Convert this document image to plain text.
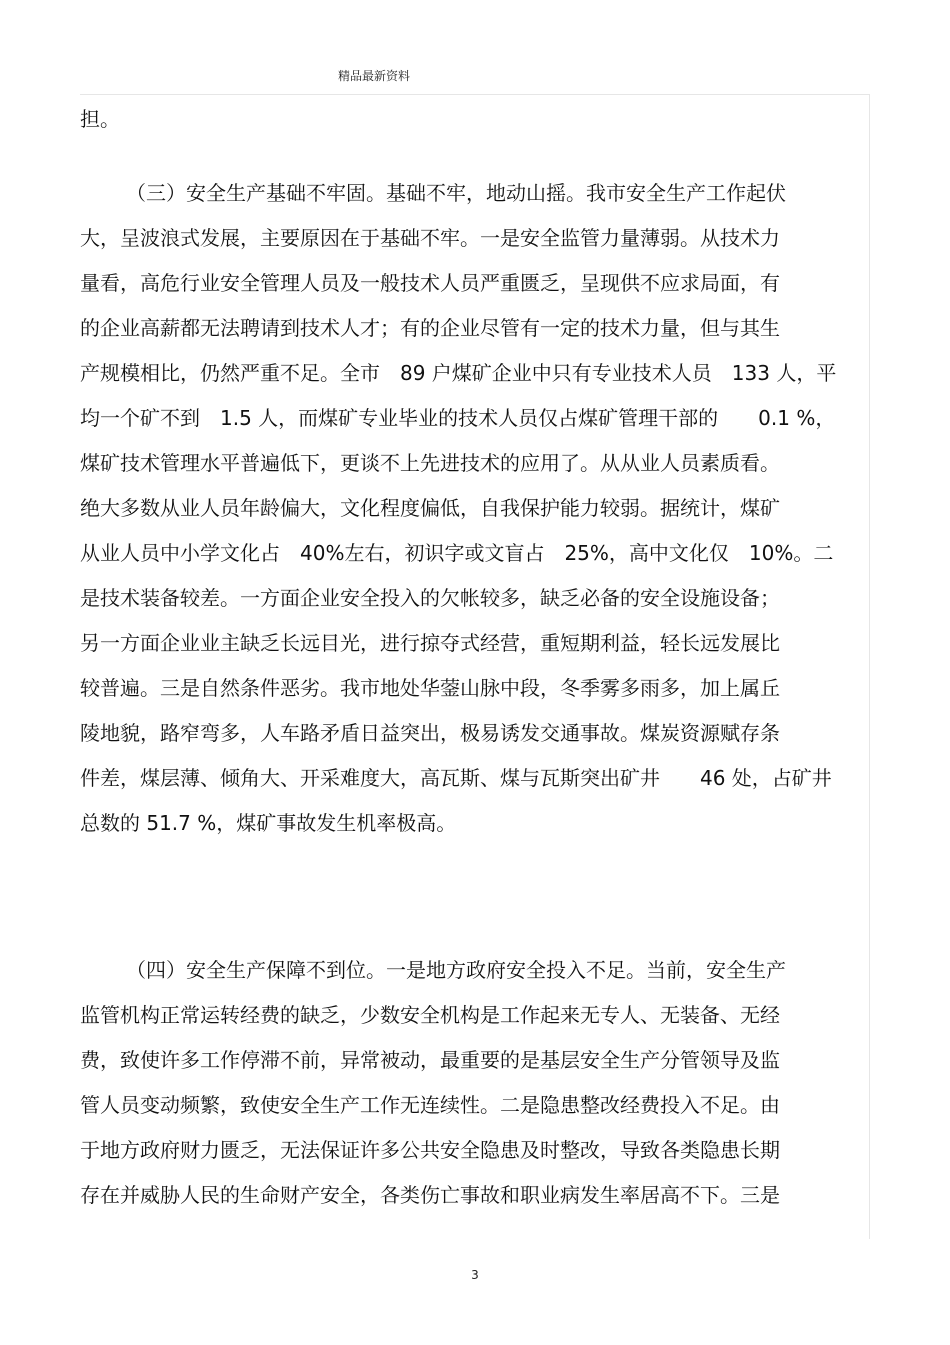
精品最新资料
担。
（三）安全生产基础不牢固。基础不牢，地动山摇。我市安全生产工作起伏
大，呈波浪式发展，主要原因在于基础不牢。一是安全监管力量薄弱。从技术力
量看，高危行业安全管理人员及一般技术人员严重匮乏，呈现供不应求局面，有
的企业高薪都无法聘请到技术人才；有的企业尽管有一定的技术力量，但与其生
产规模相比，仍然严重不足。全市　89 户煤矿企业中只有专业技术人员　133 人，平
均一个矿不到　1.5 人，而煤矿专业毕业的技术人员仅占煤矿管理干部的　　0.1 %，
煤矿技术管理水平普遍低下，更谈不上先进技术的应用了。从从业人员素质看。
绝大多数从业人员年龄偏大，文化程度偏低，自我保护能力较弱。据统计，煤矿
从业人员中小学文化占　40%左右，初识字或文盲占　25%，高中文化仅　10%。二
是技术装备较差。一方面企业安全投入的欠帐较多，缺乏必备的安全设施设备；
另一方面企业业主缺乏长远目光，进行掠夺式经营，重短期利益，轻长远发展比
较普遍。三是自然条件恶劣。我市地处华蓥山脉中段，冬季雾多雨多，加上属丘
陵地貌，路窄弯多，人车路矛盾日益突出，极易诱发交通事故。煤炭资源赋存条
件差，煤层薄、倾角大、开采难度大，高瓦斯、煤与瓦斯突出矿井　　46 处，占矿井
总数的 51.7 %，煤矿事故发生机率极高。
（四）安全生产保障不到位。一是地方政府安全投入不足。当前，安全生产
监管机构正常运转经费的缺乏，少数安全机构是工作起来无专人、无装备、无经
费，致使许多工作停滞不前，异常被动，最重要的是基层安全生产分管领导及监
管人员变动频繁，致使安全生产工作无连续性。二是隐患整改经费投入不足。由
于地方政府财力匮乏，无法保证许多公共安全隐患及时整改，导致各类隐患长期
存在并威胁人民的生命财产安全，各类伤亡事故和职业病发生率居高不下。三是
3
